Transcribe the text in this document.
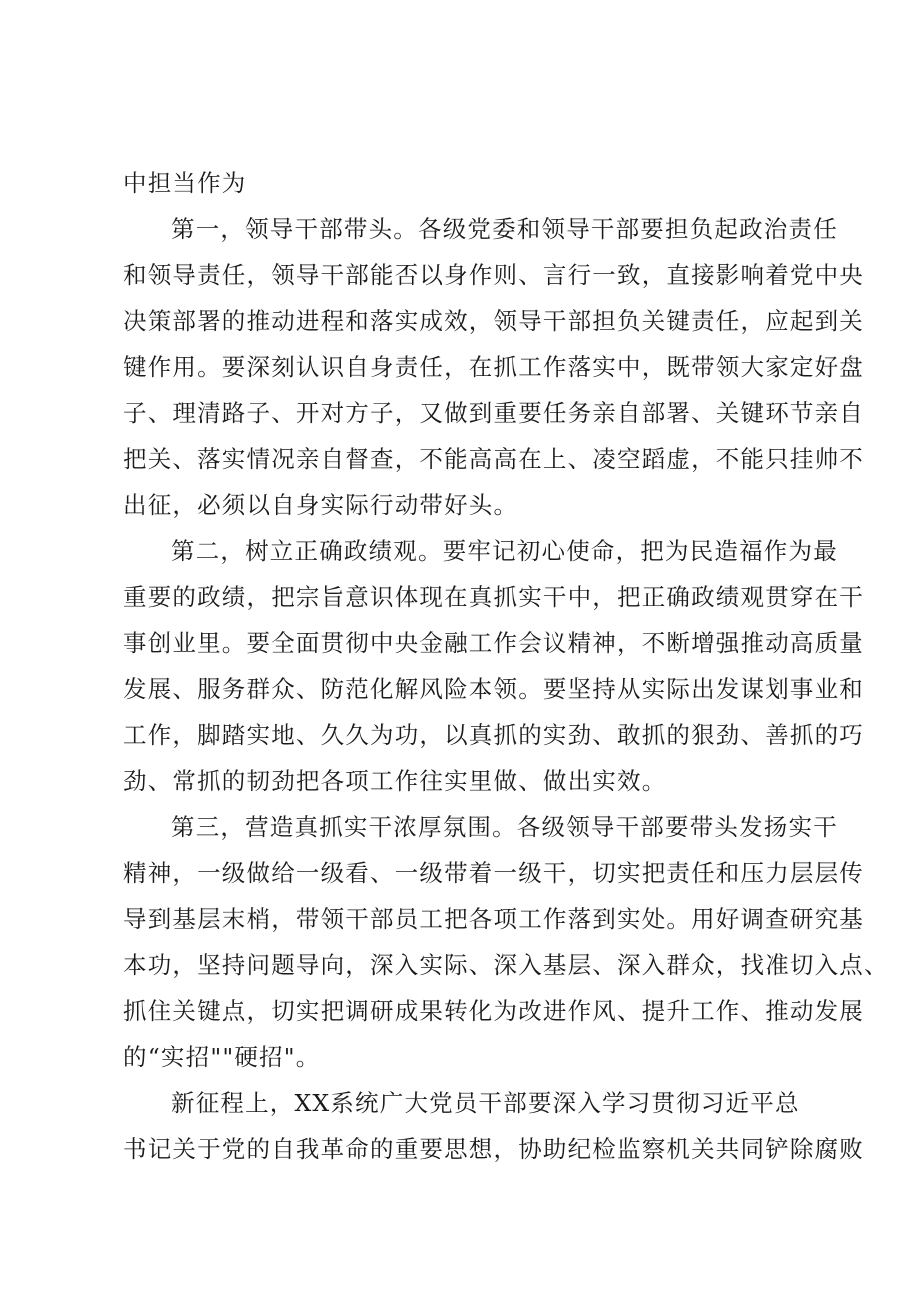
中担当作为
第一，领导干部带头。各级党委和领导干部要担负起政治责任
和领导责任，领导干部能否以身作则、言行一致，直接影响着党中央
决策部署的推动进程和落实成效，领导干部担负关键责任，应起到关
键作用。要深刻认识自身责任，在抓工作落实中，既带领大家定好盘
子、理清路子、开对方子，又做到重要任务亲自部署、关键环节亲自
把关、落实情况亲自督查，不能高高在上、凌空蹈虚，不能只挂帅不
出征，必须以自身实际行动带好头。
第二，树立正确政绩观。要牢记初心使命，把为民造福作为最
重要的政绩，把宗旨意识体现在真抓实干中，把正确政绩观贯穿在干
事创业里。要全面贯彻中央金融工作会议精神，不断增强推动高质量
发展、服务群众、防范化解风险本领。要坚持从实际出发谋划事业和
工作，脚踏实地、久久为功，以真抓的实劲、敢抓的狠劲、善抓的巧
劲、常抓的韧劲把各项工作往实里做、做出实效。
第三，营造真抓实干浓厚氛围。各级领导干部要带头发扬实干
精神，一级做给一级看、一级带着一级干，切实把责任和压力层层传
导到基层末梢，带领干部员工把各项工作落到实处。用好调查研究基
本功，坚持问题导向，深入实际、深入基层、深入群众，找准切入点、
抓住关键点，切实把调研成果转化为改进作风、提升工作、推动发展
的“实招""硬招"。
新征程上，XX系统广大党员干部要深入学习贯彻习近平总
书记关于党的自我革命的重要思想，协助纪检监察机关共同铲除腐败
